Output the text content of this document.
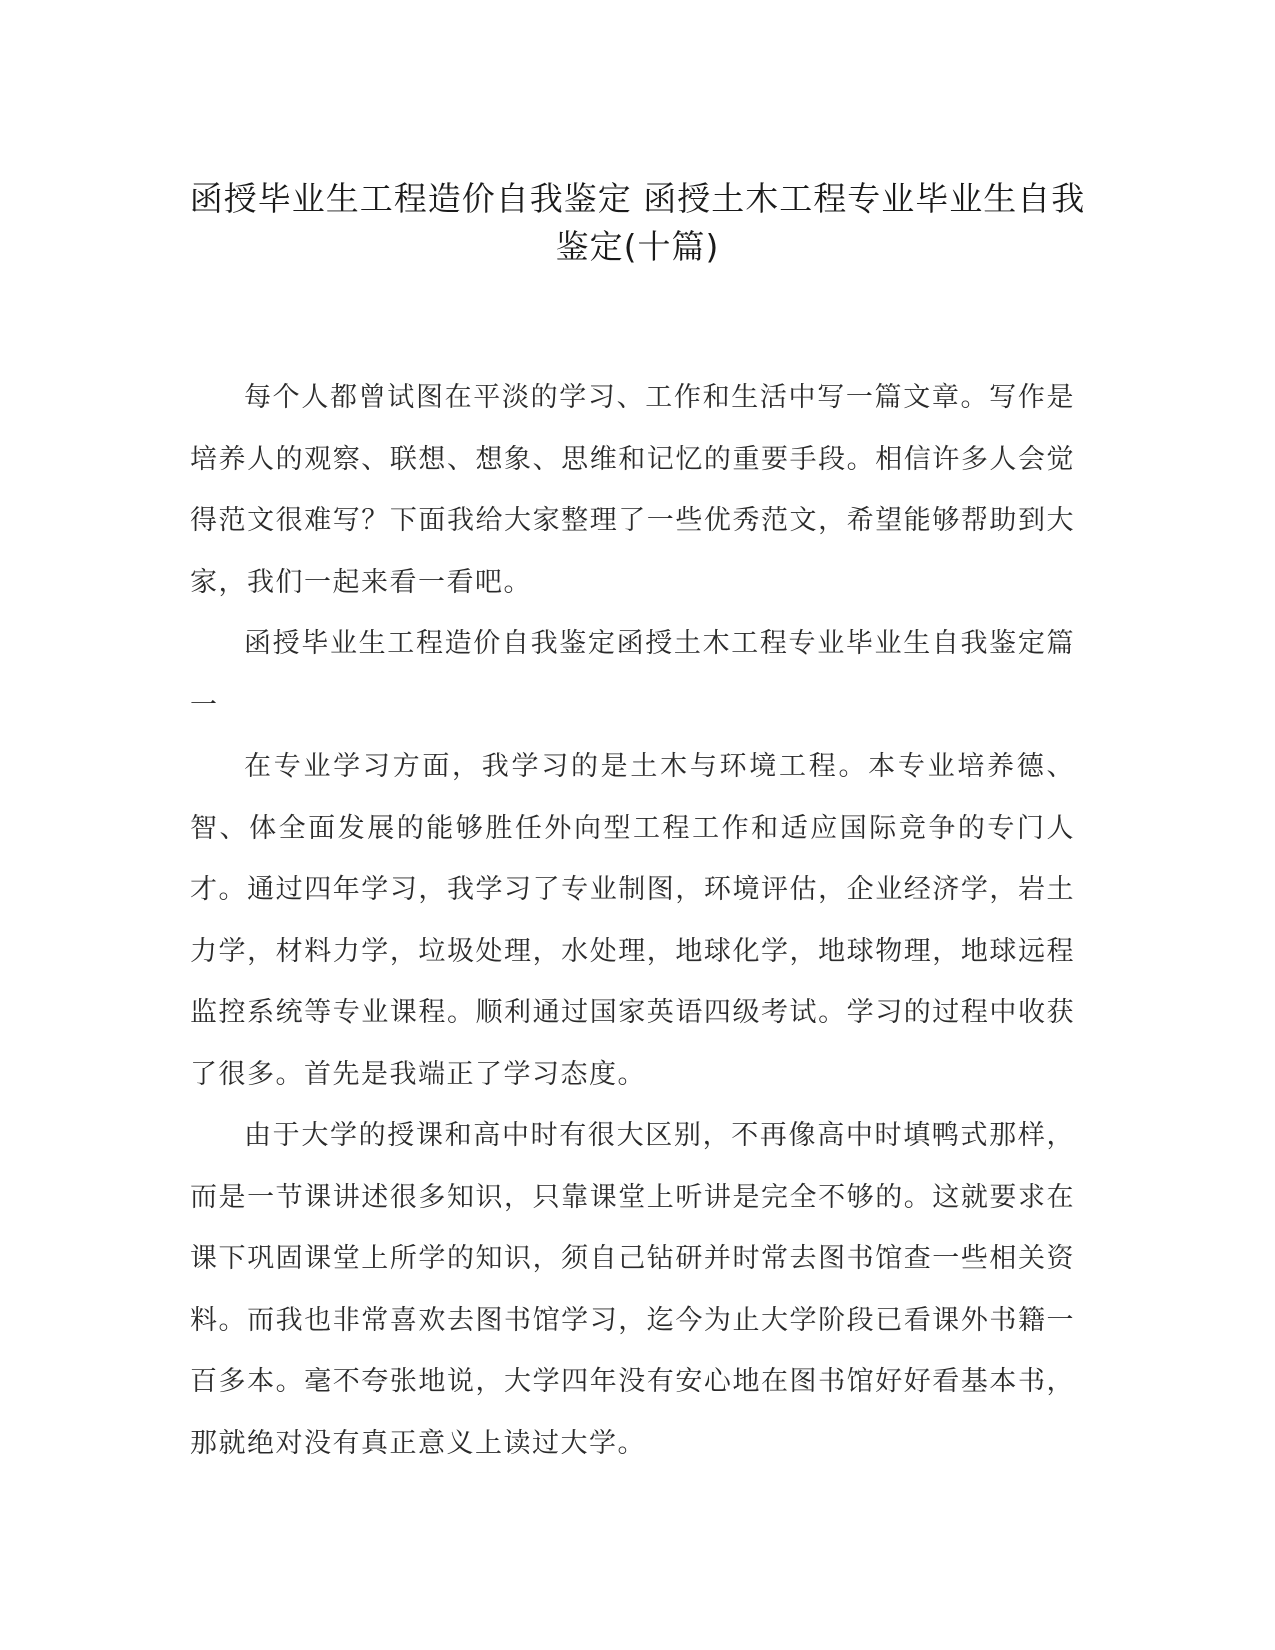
函授毕业生工程造价自我鉴定 函授土木工程专业毕业生自我鉴定(十篇)

每个人都曾试图在平淡的学习、工作和生活中写一篇文章。写作是培养人的观察、联想、想象、思维和记忆的重要手段。相信许多人会觉得范文很难写？下面我给大家整理了一些优秀范文，希望能够帮助到大家，我们一起来看一看吧。

函授毕业生工程造价自我鉴定函授土木工程专业毕业生自我鉴定篇一

在专业学习方面，我学习的是土木与环境工程。本专业培养德、智、体全面发展的能够胜任外向型工程工作和适应国际竞争的专门人才。通过四年学习，我学习了专业制图，环境评估，企业经济学，岩土力学，材料力学，垃圾处理，水处理，地球化学，地球物理，地球远程监控系统等专业课程。顺利通过国家英语四级考试。学习的过程中收获了很多。首先是我端正了学习态度。

由于大学的授课和高中时有很大区别，不再像高中时填鸭式那样，而是一节课讲述很多知识，只靠课堂上听讲是完全不够的。这就要求在课下巩固课堂上所学的知识，须自己钻研并时常去图书馆查一些相关资料。而我也非常喜欢去图书馆学习，迄今为止大学阶段已看课外书籍一百多本。毫不夸张地说，大学四年没有安心地在图书馆好好看基本书，那就绝对没有真正意义上读过大学。
